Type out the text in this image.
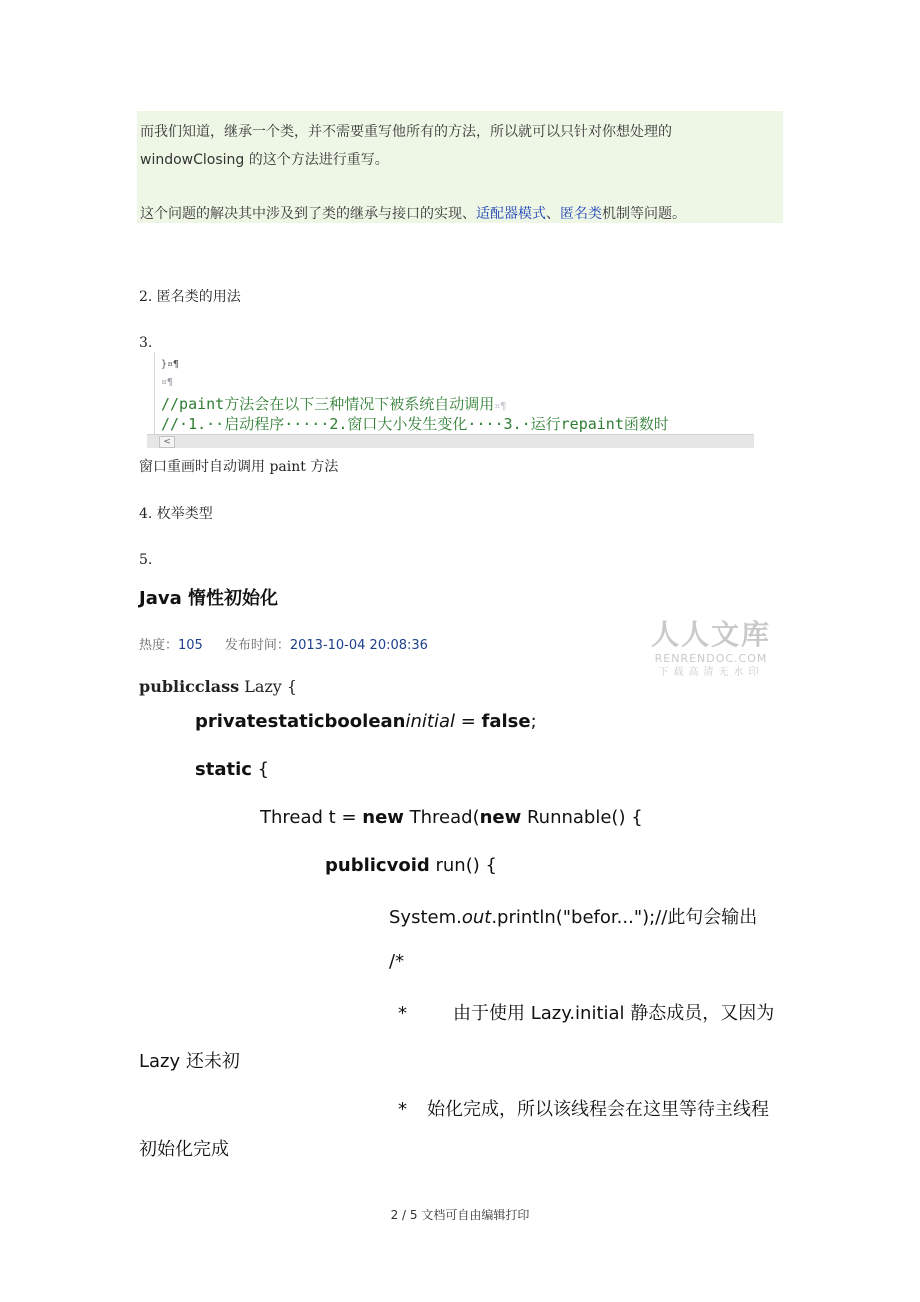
而我们知道，继承一个类，并不需要重写他所有的方法，所以就可以只针对你想处理的
windowClosing 的这个方法进行重写。
这个问题的解决其中涉及到了类的继承与接口的实现、适配器模式、匿名类机制等问题。
2. 匿名类的用法
3.
}¤¶
¤¶
//paint方法会在以下三种情况下被系统自动调用¤¶
//·1.··启动程序·····2.窗口大小发生变化····3.·运行repaint函数时
<
窗口重画时自动调用 paint 方法
4. 枚举类型
5.
Java 惰性初始化
热度：105 发布时间：2013-10-04 20:08:36	人人文库
RENRENDOC.COM
下载高清无水印
publicclass Lazy {
privatestaticbooleaninitial = false;
static {
Thread t = new Thread(new Runnable() {
publicvoid run() {
System.out.println("befor...");//此句会输出
/*
*	由于使用 Lazy.initial 静态成员，又因为
Lazy 还未初
* 始化完成，所以该线程会在这里等待主线程
初始化完成
2 / 5 文档可自由编辑打印
